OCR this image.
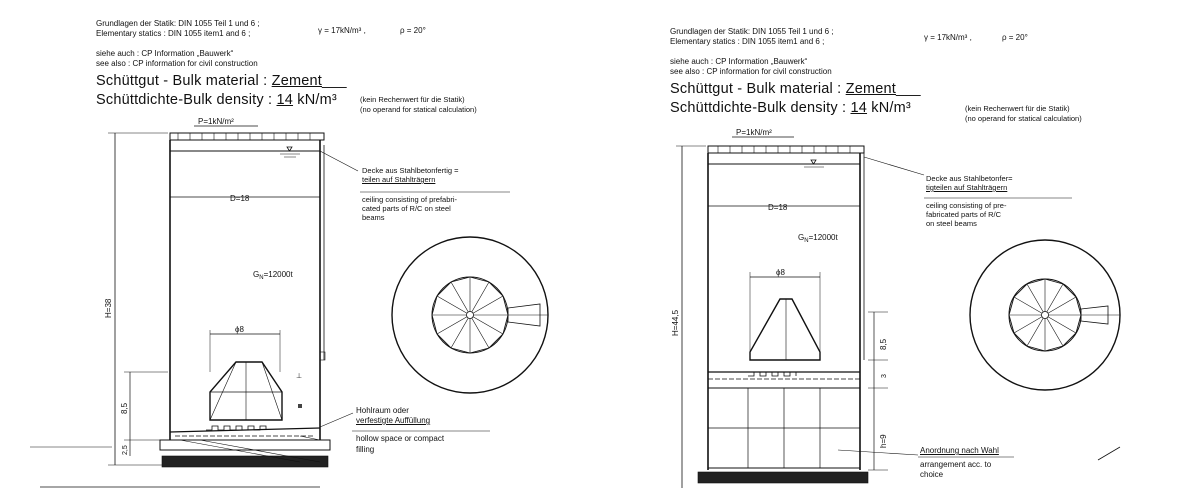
Grundlagen der Statik: DIN 1055 Teil 1 und 6 ;
Elementary statics : DIN 1055 item1 and 6 ;	γ = 17kN/m³ ,	ρ = 20°
siehe auch : CP Information „Bauwerk“
see also : CP information for civil construction
Schüttgut - Bulk material : Zement___
Schüttdichte-Bulk density : 14 kN/m³	(kein Rechenwert für die Statik)
(no operand for statical calculation)
P=1kN/m²
D=18
$G_N=12000t$
H=38
8,5
2,5
ϕ8
⊥
Decke aus Stahlbetonfertig =
teilen auf Stahlträgern
ceiling consisting of prefabri-
cated parts of R/C on steel
beams
Hohlraum oder
verfestigte Auffüllung
hollow space or compact
filling
Grundlagen der Statik: DIN 1055 Teil 1 und 6 ;
Elementary statics : DIN 1055 item1 and 6 ;	γ = 17kN/m³ ,	ρ = 20°
siehe auch : CP Information „Bauwerk“
see also : CP information for civil construction
Schüttgut - Bulk material : Zement___
Schüttdichte-Bulk density : 14 kN/m³	(kein Rechenwert für die Statik)
(no operand for statical calculation)
P=1kN/m²
D=18
$G_N=12000t$
H=44,5
ϕ8
8,5
3
h=9
Decke aus Stahlbetonfer=
tigteilen auf Stahlträgern
ceiling consisting of pre-
fabricated parts of R/C
on steel beams
Anordnung nach Wahl
arrangement acc. to
choice
